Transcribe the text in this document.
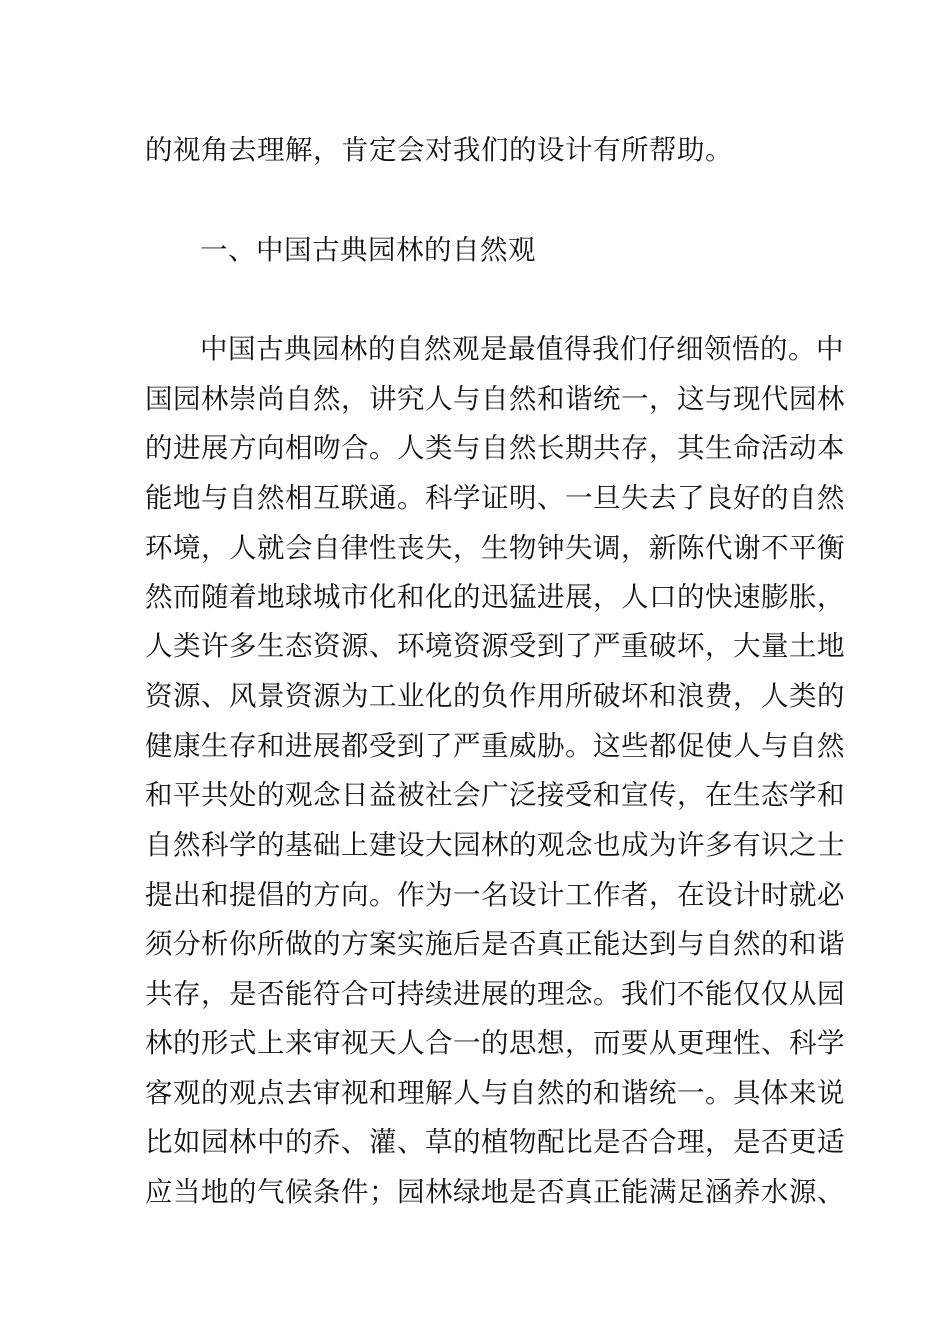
的视角去理解，肯定会对我们的设计有所帮助。
一、中国古典园林的自然观
中国古典园林的自然观是最值得我们仔细领悟的。中
国园林崇尚自然，讲究人与自然和谐统一，这与现代园林
的进展方向相吻合。人类与自然长期共存，其生命活动本
能地与自然相互联通。科学证明、一旦失去了良好的自然
环境，人就会自律性丧失，生物钟失调，新陈代谢不平衡
然而随着地球城市化和化的迅猛进展，人口的快速膨胀，
人类许多生态资源、环境资源受到了严重破坏，大量土地
资源、风景资源为工业化的负作用所破坏和浪费，人类的
健康生存和进展都受到了严重威胁。这些都促使人与自然
和平共处的观念日益被社会广泛接受和宣传，在生态学和
自然科学的基础上建设大园林的观念也成为许多有识之士
提出和提倡的方向。作为一名设计工作者，在设计时就必
须分析你所做的方案实施后是否真正能达到与自然的和谐
共存，是否能符合可持续进展的理念。我们不能仅仅从园
林的形式上来审视天人合一的思想，而要从更理性、科学
客观的观点去审视和理解人与自然的和谐统一。具体来说
比如园林中的乔、灌、草的植物配比是否合理，是否更适
应当地的气候条件；园林绿地是否真正能满足涵养水源、
